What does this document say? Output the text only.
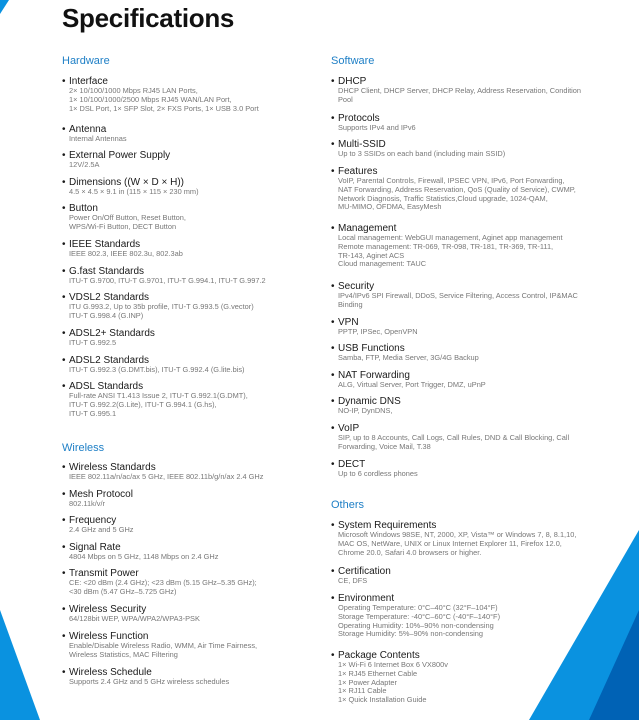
Specifications
Hardware
• Interface
2× 10/100/1000 Mbps RJ45 LAN Ports,
1× 10/100/1000/2500 Mbps RJ45 WAN/LAN Port,
1× DSL Port, 1× SFP Slot, 2× FXS Ports, 1× USB 3.0 Port
• Antenna
Internal Antennas
• External Power Supply
12V/2.5A
• Dimensions ((W × D × H))
4.5 × 4.5 × 9.1 in (115 × 115 × 230 mm)
• Button
Power On/Off Button, Reset Button,
WPS/Wi-Fi Button, DECT Button
• IEEE Standards
IEEE 802.3, IEEE 802.3u, 802.3ab
• G.fast Standards
ITU-T G.9700, ITU-T G.9701, ITU-T G.994.1, ITU-T G.997.2
• VDSL2 Standards
ITU G.993.2, Up to 35b profile, ITU-T G.993.5 (G.vector)
ITU-T G.998.4 (G.INP)
• ADSL2+ Standards
ITU-T G.992.5
• ADSL2 Standards
ITU-T G.992.3 (G.DMT.bis), ITU-T G.992.4 (G.lite.bis)
• ADSL Standards
Full-rate ANSI T1.413 Issue 2, ITU-T G.992.1(G.DMT),
ITU-T G.992.2(G.Lite), ITU-T G.994.1 (G.hs),
ITU-T G.995.1
Wireless
• Wireless Standards
IEEE 802.11a/n/ac/ax 5 GHz, IEEE 802.11b/g/n/ax 2.4 GHz
• Mesh Protocol
802.11k/v/r
• Frequency
2.4 GHz and 5 GHz
• Signal Rate
4804 Mbps on 5 GHz, 1148 Mbps on 2.4 GHz
• Transmit Power
CE: <20 dBm (2.4 GHz); <23 dBm (5.15 GHz–5.35 GHz);
<30 dBm (5.47 GHz–5.725 GHz)
• Wireless Security
64/128bit WEP, WPA/WPA2/WPA3-PSK
• Wireless Function
Enable/Disable Wireless Radio, WMM, Air Time Fairness,
Wireless Statistics, MAC Filtering
• Wireless Schedule
Supports 2.4 GHz and 5 GHz wireless schedules
Software
• DHCP
DHCP Client, DHCP Server, DHCP Relay, Address Reservation, Condition
Pool
• Protocols
Supports IPv4 and IPv6
• Multi-SSID
Up to 3 SSIDs on each band (including main SSID)
• Features
VoIP, Parental Controls, Firewall, IPSEC VPN, IPv6, Port Forwarding,
NAT Forwarding, Address Reservation, QoS (Quality of Service), CWMP,
Network Diagnosis, Traffic Statistics,Cloud upgrade, 1024-QAM,
MU-MIMO, OFDMA, EasyMesh
• Management
Local management: WebGUI management, Aginet app management
Remote management: TR-069, TR-098, TR-181, TR-369, TR-111,
TR-143, Aginet ACS
Cloud management: TAUC
• Security
IPv4/IPv6 SPI Firewall, DDoS, Service Filtering, Access Control, IP&MAC
Binding
• VPN
PPTP, IPSec, OpenVPN
• USB Functions
Samba, FTP, Media Server, 3G/4G Backup
• NAT Forwarding
ALG, Virtual Server, Port Trigger, DMZ, uPnP
• Dynamic DNS
NO-IP, DynDNS,
• VoIP
SIP, up to 8 Accounts, Call Logs, Call Rules, DND & Call Blocking, Call
Forwarding, Voice Mail, T.38
• DECT
Up to 6 cordless phones
Others
• System Requirements
Microsoft Windows 98SE, NT, 2000, XP, Vista™ or Windows 7, 8, 8.1,10,
MAC OS, NetWare, UNIX or Linux Internet Explorer 11, Firefox 12.0,
Chrome 20.0, Safari 4.0 browsers or higher.
• Certification
CE, DFS
• Environment
Operating Temperature: 0°C–40°C (32°F–104°F)
Storage Temperature: -40°C–60°C (-40°F–140°F)
Operating Humidity: 10%–90% non-condensing
Storage Humidity: 5%–90% non-condensing
• Package Contents
1× Wi-Fi 6 Internet Box 6 VX800v
1× RJ45 Ethernet Cable
1× Power Adapter
1× RJ11 Cable
1× Quick Installation Guide
